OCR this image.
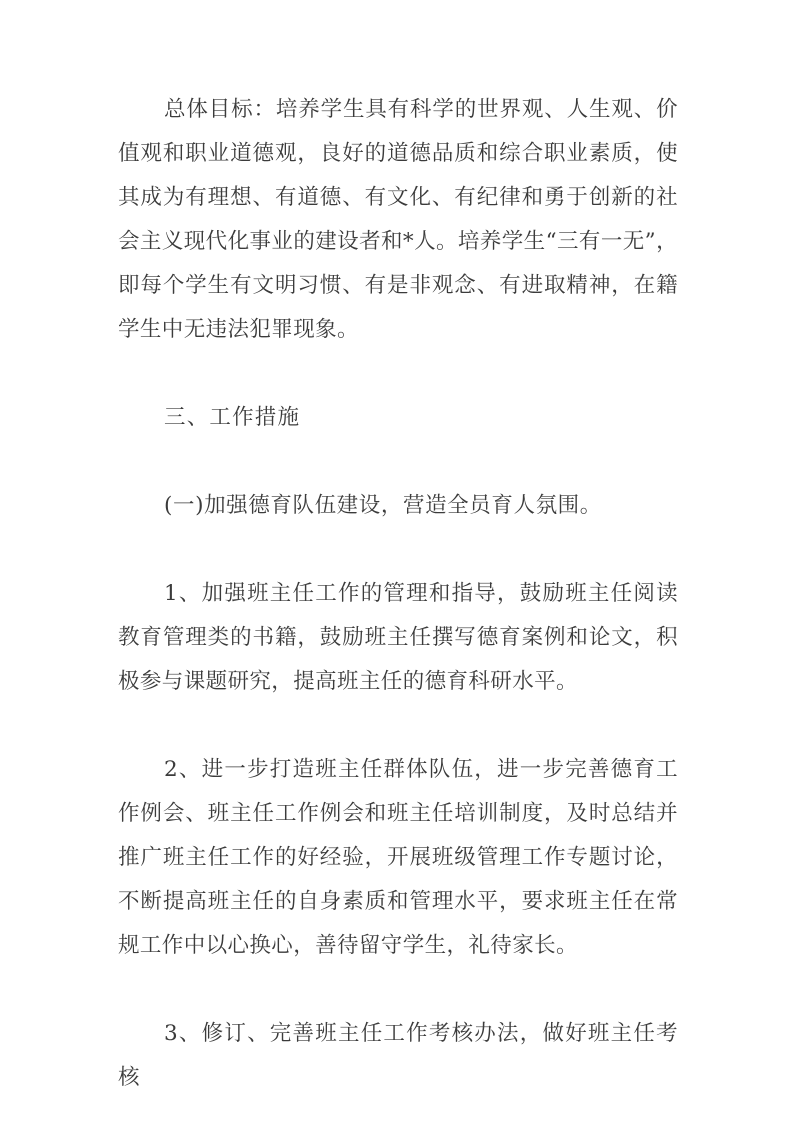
总体目标：培养学生具有科学的世界观、人生观、价值观和职业道德观，良好的道德品质和综合职业素质，使其成为有理想、有道德、有文化、有纪律和勇于创新的社会主义现代化事业的建设者和*人。培养学生“三有一无”，即每个学生有文明习惯、有是非观念、有进取精神，在籍学生中无违法犯罪现象。

三、工作措施

(一)加强德育队伍建设，营造全员育人氛围。

1、加强班主任工作的管理和指导，鼓励班主任阅读教育管理类的书籍，鼓励班主任撰写德育案例和论文，积极参与课题研究，提高班主任的德育科研水平。

2、进一步打造班主任群体队伍，进一步完善德育工作例会、班主任工作例会和班主任培训制度，及时总结并推广班主任工作的好经验，开展班级管理工作专题讨论，不断提高班主任的自身素质和管理水平，要求班主任在常规工作中以心换心，善待留守学生，礼待家长。

3、修订、完善班主任工作考核办法，做好班主任考核
